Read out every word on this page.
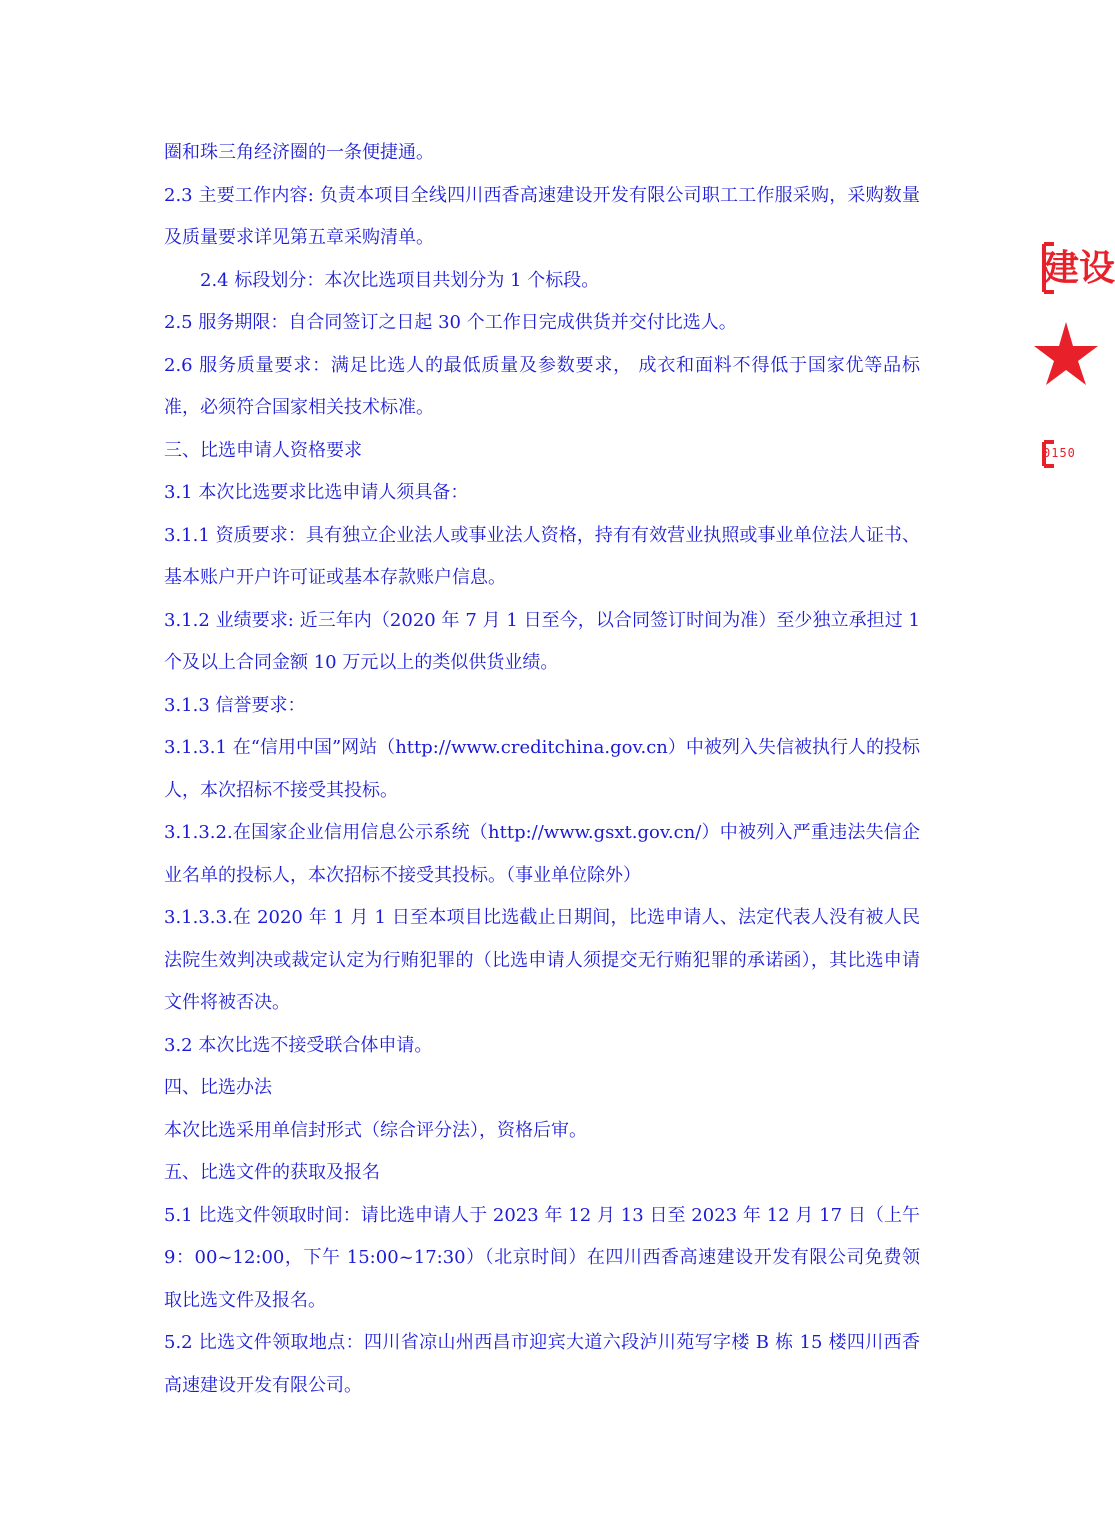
圈和珠三角经济圈的一条便捷通。

2.3 主要工作内容: 负责本项目全线四川西香高速建设开发有限公司职工工作服采购，采购数量及质量要求详见第五章采购清单。

2.4 标段划分：本次比选项目共划分为 1 个标段。

2.5 服务期限：自合同签订之日起 30 个工作日完成供货并交付比选人。

2.6 服务质量要求：满足比选人的最低质量及参数要求， 成衣和面料不得低于国家优等品标准，必须符合国家相关技术标准。

三、比选申请人资格要求

3.1 本次比选要求比选申请人须具备：

3.1.1 资质要求：具有独立企业法人或事业法人资格，持有有效营业执照或事业单位法人证书、基本账户开户许可证或基本存款账户信息。

3.1.2 业绩要求: 近三年内（2020 年 7 月 1 日至今，以合同签订时间为准）至少独立承担过 1 个及以上合同金额 10 万元以上的类似供货业绩。

3.1.3 信誉要求：

3.1.3.1 在“信用中国”网站（http://www.creditchina.gov.cn）中被列入失信被执行人的投标人，本次招标不接受其投标。

3.1.3.2.在国家企业信用信息公示系统（http://www.gsxt.gov.cn/）中被列入严重违法失信企业名单的投标人，本次招标不接受其投标。（事业单位除外）

3.1.3.3.在 2020 年 1 月 1 日至本项目比选截止日期间，比选申请人、法定代表人没有被人民法院生效判决或裁定认定为行贿犯罪的（比选申请人须提交无行贿犯罪的承诺函），其比选申请文件将被否决。

3.2 本次比选不接受联合体申请。

四、比选办法

本次比选采用单信封形式（综合评分法），资格后审。

五、比选文件的获取及报名

5.1 比选文件领取时间：请比选申请人于 2023 年 12 月 13 日至 2023 年 12 月 17 日（上午 9：00~12:00，下午 15:00~17:30）（北京时间）在四川西香高速建设开发有限公司免费领取比选文件及报名。

5.2 比选文件领取地点：四川省凉山州西昌市迎宾大道六段泸川苑写字楼 B 栋 15 楼四川西香高速建设开发有限公司。

建设
0150
